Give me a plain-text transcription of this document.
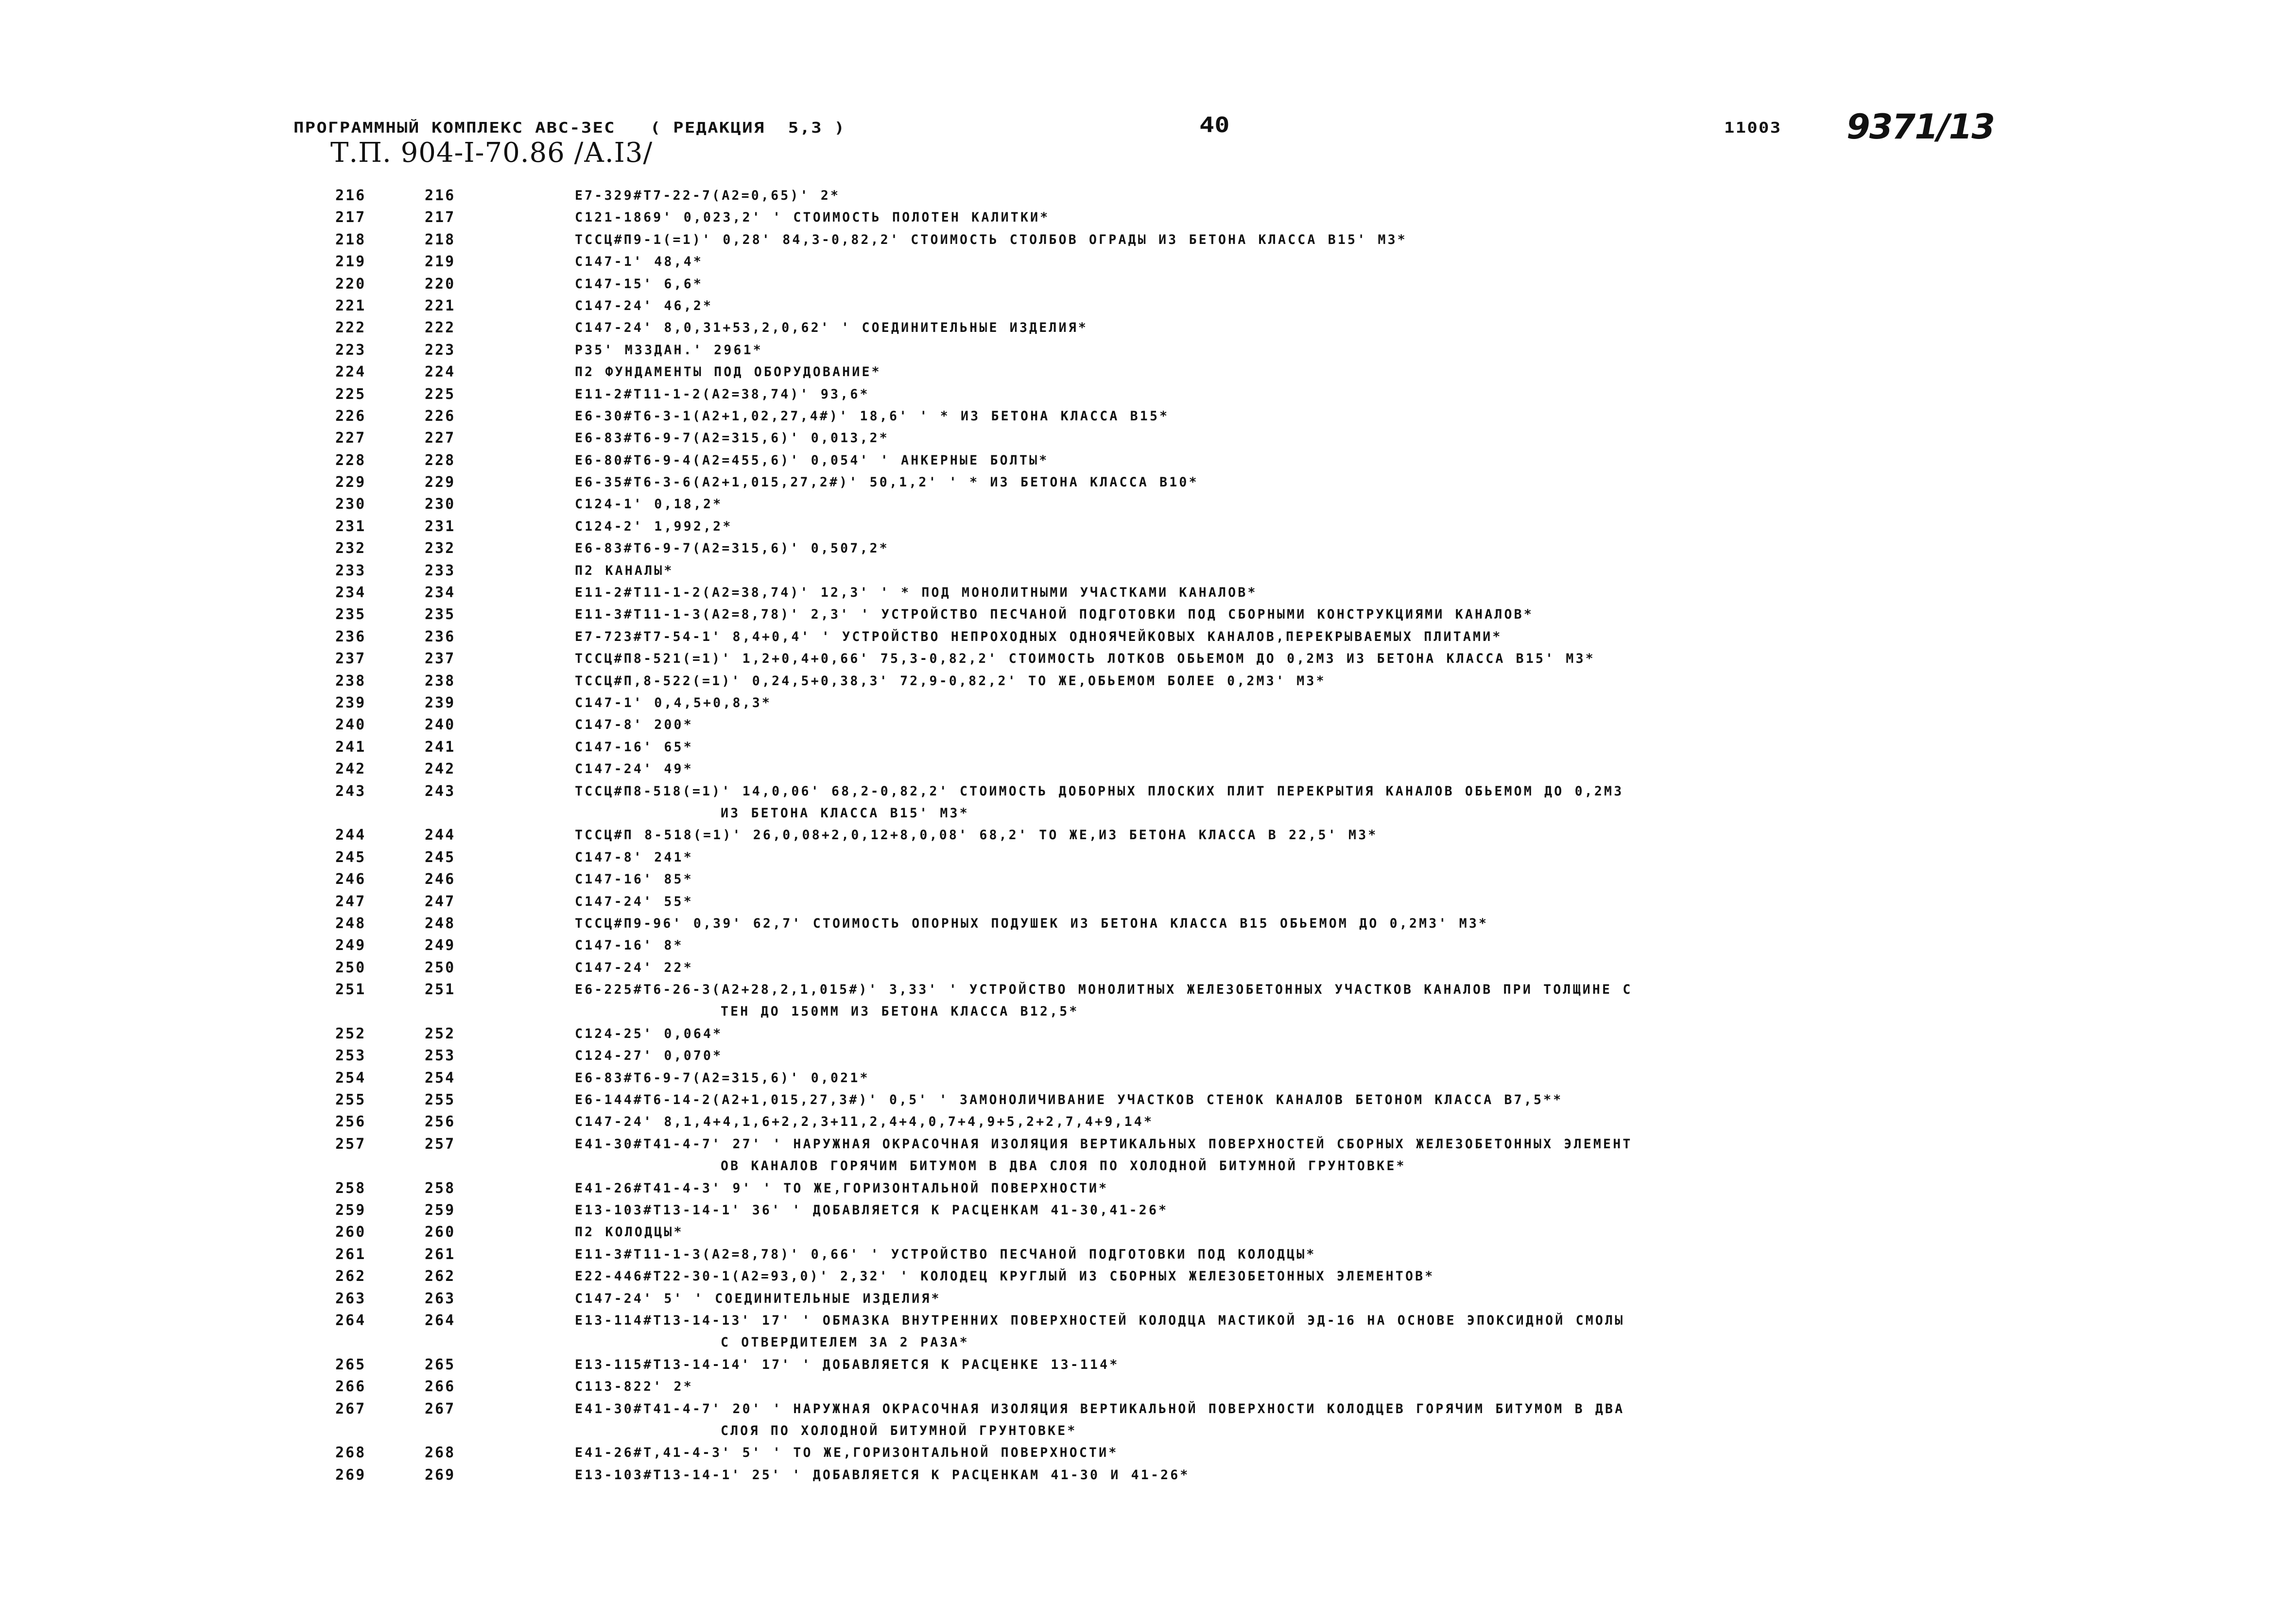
ПРОГРАММНЫЙ КОМПЛЕКС АВС-3ЕС   ( РЕДАКЦИЯ  5,3 )	40	11003 9371/13
Т.П. 904-I-70.86 /А.I3/
216	216	Е7-329#Т7-22-7(А2=0,65)' 2*
217	217	С121-1869' 0,023,2' ' СТОИМОСТЬ ПОЛОТЕН КАЛИТКИ*
218	218	ТССЦ#П9-1(=1)' 0,28' 84,3-0,82,2' СТОИМОСТЬ СТОЛБОВ ОГРАДЫ ИЗ БЕТОНА КЛАССА В15' М3*
219	219	С147-1' 48,4*
220	220	С147-15' 6,6*
221	221	С147-24' 46,2*
222	222	С147-24' 8,0,31+53,2,0,62' ' СОЕДИНИТЕЛЬНЫЕ ИЗДЕЛИЯ*
223	223	Р35' МЗЗДАН.' 2961*
224	224	П2 ФУНДАМЕНТЫ ПОД ОБОРУДОВАНИЕ*
225	225	Е11-2#Т11-1-2(А2=38,74)' 93,6*
226	226	Е6-30#Т6-3-1(А2+1,02,27,4#)' 18,6' ' * ИЗ БЕТОНА КЛАССА В15*
227	227	Е6-83#Т6-9-7(А2=315,6)' 0,013,2*
228	228	Е6-80#Т6-9-4(А2=455,6)' 0,054' ' АНКЕРНЫЕ БОЛТЫ*
229	229	Е6-35#Т6-3-6(А2+1,015,27,2#)' 50,1,2' ' * ИЗ БЕТОНА КЛАССА В10*
230	230	С124-1' 0,18,2*
231	231	С124-2' 1,992,2*
232	232	Е6-83#Т6-9-7(А2=315,6)' 0,507,2*
233	233	П2 КАНАЛЫ*
234	234	Е11-2#Т11-1-2(А2=38,74)' 12,3' ' * ПОД МОНОЛИТНЫМИ УЧАСТКАМИ КАНАЛОВ*
235	235	Е11-3#Т11-1-3(А2=8,78)' 2,3' ' УСТРОЙСТВО ПЕСЧАНОЙ ПОДГОТОВКИ ПОД СБОРНЫМИ КОНСТРУКЦИЯМИ КАНАЛОВ*
236	236	Е7-723#Т7-54-1' 8,4+0,4' ' УСТРОЙСТВО НЕПРОХОДНЫХ ОДНОЯЧЕЙКОВЫХ КАНАЛОВ,ПЕРЕКРЫВАЕМЫХ ПЛИТАМИ*
237	237	ТССЦ#П8-521(=1)' 1,2+0,4+0,66' 75,3-0,82,2' СТОИМОСТЬ ЛОТКОВ ОБЬЕМОМ ДО 0,2М3 ИЗ БЕТОНА КЛАССА В15' М3*
238	238	ТССЦ#П,8-522(=1)' 0,24,5+0,38,3' 72,9-0,82,2' ТО ЖЕ,ОБЬЕМОМ БОЛЕЕ 0,2М3' М3*
239	239	С147-1' 0,4,5+0,8,3*
240	240	С147-8' 200*
241	241	С147-16' 65*
242	242	С147-24' 49*
243	243	ТССЦ#П8-518(=1)' 14,0,06' 68,2-0,82,2' СТОИМОСТЬ ДОБОРНЫХ ПЛОСКИХ ПЛИТ ПЕРЕКРЫТИЯ КАНАЛОВ ОБЬЕМОМ ДО 0,2М3
ИЗ БЕТОНА КЛАССА В15' М3*
244	244	ТССЦ#П 8-518(=1)' 26,0,08+2,0,12+8,0,08' 68,2' ТО ЖЕ,ИЗ БЕТОНА КЛАССА В 22,5' М3*
245	245	С147-8' 241*
246	246	С147-16' 85*
247	247	С147-24' 55*
248	248	ТССЦ#П9-96' 0,39' 62,7' СТОИМОСТЬ ОПОРНЫХ ПОДУШЕК ИЗ БЕТОНА КЛАССА В15 ОБЬЕМОМ ДО 0,2М3' М3*
249	249	С147-16' 8*
250	250	С147-24' 22*
251	251	Е6-225#Т6-26-3(А2+28,2,1,015#)' 3,33' ' УСТРОЙСТВО МОНОЛИТНЫХ ЖЕЛЕЗОБЕТОННЫХ УЧАСТКОВ КАНАЛОВ ПРИ ТОЛЩИНЕ С
ТЕН ДО 150ММ ИЗ БЕТОНА КЛАССА В12,5*
252	252	С124-25' 0,064*
253	253	С124-27' 0,070*
254	254	Е6-83#Т6-9-7(А2=315,6)' 0,021*
255	255	Е6-144#Т6-14-2(А2+1,015,27,3#)' 0,5' ' ЗАМОНОЛИЧИВАНИЕ УЧАСТКОВ СТЕНОК КАНАЛОВ БЕТОНОМ КЛАССА В7,5**
256	256	С147-24' 8,1,4+4,1,6+2,2,3+11,2,4+4,0,7+4,9+5,2+2,7,4+9,14*
257	257	Е41-30#Т41-4-7' 27' ' НАРУЖНАЯ ОКРАСОЧНАЯ ИЗОЛЯЦИЯ ВЕРТИКАЛЬНЫХ ПОВЕРХНОСТЕЙ СБОРНЫХ ЖЕЛЕЗОБЕТОННЫХ ЭЛЕМЕНТ
ОВ КАНАЛОВ ГОРЯЧИМ БИТУМОМ В ДВА СЛОЯ ПО ХОЛОДНОЙ БИТУМНОЙ ГРУНТОВКЕ*
258	258	Е41-26#Т41-4-3' 9' ' ТО ЖЕ,ГОРИЗОНТАЛЬНОЙ ПОВЕРХНОСТИ*
259	259	Е13-103#Т13-14-1' 36' ' ДОБАВЛЯЕТСЯ К РАСЦЕНКАМ 41-30,41-26*
260	260	П2 КОЛОДЦЫ*
261	261	Е11-3#Т11-1-3(А2=8,78)' 0,66' ' УСТРОЙСТВО ПЕСЧАНОЙ ПОДГОТОВКИ ПОД КОЛОДЦЫ*
262	262	Е22-446#Т22-30-1(А2=93,0)' 2,32' ' КОЛОДЕЦ КРУГЛЫЙ ИЗ СБОРНЫХ ЖЕЛЕЗОБЕТОННЫХ ЭЛЕМЕНТОВ*
263	263	С147-24' 5' ' СОЕДИНИТЕЛЬНЫЕ ИЗДЕЛИЯ*
264	264	Е13-114#Т13-14-13' 17' ' ОБМАЗКА ВНУТРЕННИХ ПОВЕРХНОСТЕЙ КОЛОДЦА МАСТИКОЙ ЭД-16 НА ОСНОВЕ ЭПОКСИДНОЙ СМОЛЫ
С ОТВЕРДИТЕЛЕМ ЗА 2 РАЗА*
265	265	Е13-115#Т13-14-14' 17' ' ДОБАВЛЯЕТСЯ К РАСЦЕНКЕ 13-114*
266	266	С113-822' 2*
267	267	Е41-30#Т41-4-7' 20' ' НАРУЖНАЯ ОКРАСОЧНАЯ ИЗОЛЯЦИЯ ВЕРТИКАЛЬНОЙ ПОВЕРХНОСТИ КОЛОДЦЕВ ГОРЯЧИМ БИТУМОМ В ДВА
СЛОЯ ПО ХОЛОДНОЙ БИТУМНОЙ ГРУНТОВКЕ*
268	268	Е41-26#Т,41-4-3' 5' ' ТО ЖЕ,ГОРИЗОНТАЛЬНОЙ ПОВЕРХНОСТИ*
269	269	Е13-103#Т13-14-1' 25' ' ДОБАВЛЯЕТСЯ К РАСЦЕНКАМ 41-30 И 41-26*
